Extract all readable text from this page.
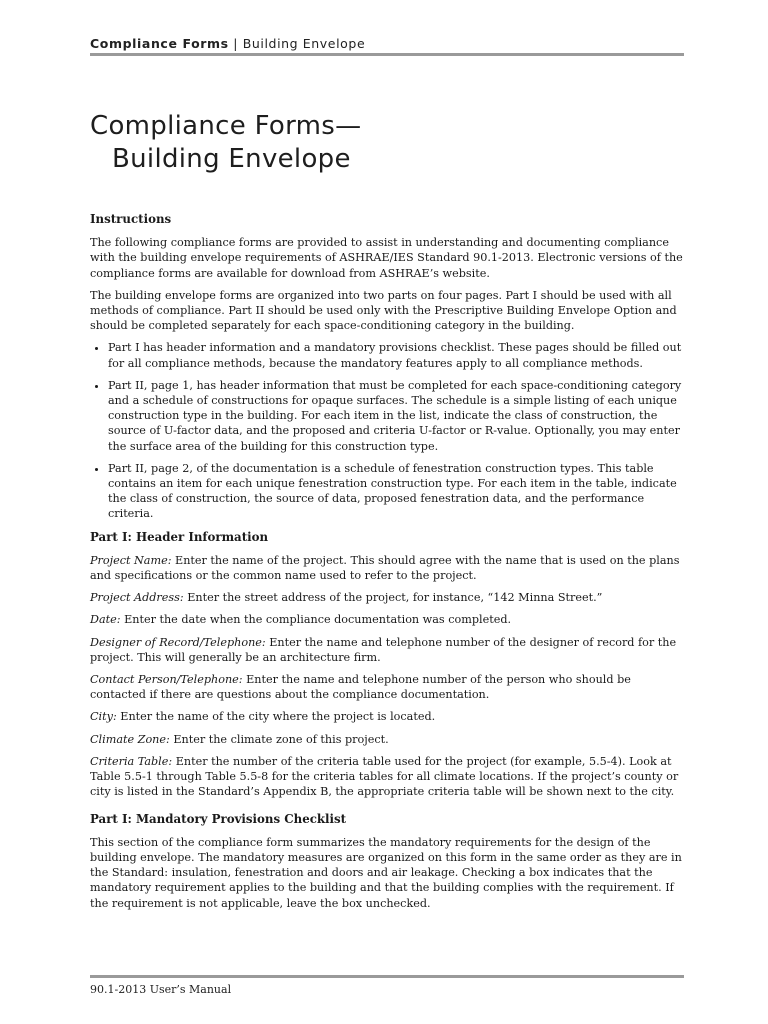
Compliance Forms | Building Envelope
Compliance Forms—
Building Envelope
Instructions

The following compliance forms are provided to assist in understanding and documenting compliance with the building envelope requirements of ASHRAE/IES Standard 90.1-2013. Electronic versions of the compliance forms are available for download from ASHRAE’s website.

The building envelope forms are organized into two parts on four pages. Part I should be used with all methods of compliance. Part II should be used only with the Prescriptive Building Envelope Option and should be completed separately for each space-conditioning category in the building.

• Part I has header information and a mandatory provisions checklist. These pages should be filled out for all compliance methods, because the mandatory features apply to all compliance methods.
• Part II, page 1, has header information that must be completed for each space-conditioning category and a schedule of constructions for opaque surfaces. The schedule is a simple listing of each unique construction type in the building. For each item in the list, indicate the class of construction, the source of U-factor data, and the proposed and criteria U-factor or R-value. Optionally, you may enter the surface area of the building for this construction type.
• Part II, page 2, of the documentation is a schedule of fenestration construction types. This table contains an item for each unique fenestration construction type. For each item in the table, indicate the class of construction, the source of data, proposed fenestration data, and the performance criteria.
Part I: Header Information

Project Name: Enter the name of the project. This should agree with the name that is used on the plans and specifications or the common name used to refer to the project.

Project Address: Enter the street address of the project, for instance, “142 Minna Street.”

Date: Enter the date when the compliance documentation was completed.

Designer of Record/Telephone: Enter the name and telephone number of the designer of record for the project. This will generally be an architecture firm.

Contact Person/Telephone: Enter the name and telephone number of the person who should be contacted if there are questions about the compliance documentation.

City: Enter the name of the city where the project is located.

Climate Zone: Enter the climate zone of this project.

Criteria Table: Enter the number of the criteria table used for the project (for example, 5.5-4). Look at Table 5.5-1 through Table 5.5-8 for the criteria tables for all climate locations. If the project’s county or city is listed in the Standard’s Appendix B, the appropriate criteria table will be shown next to the city.

Part I: Mandatory Provisions Checklist

This section of the compliance form summarizes the mandatory requirements for the design of the building envelope. The mandatory measures are organized on this form in the same order as they are in the Standard: insulation, fenestration and doors and air leakage. Checking a box indicates that the mandatory requirement applies to the building and that the building complies with the requirement. If the requirement is not applicable, leave the box unchecked.

90.1-2013 User’s Manual
